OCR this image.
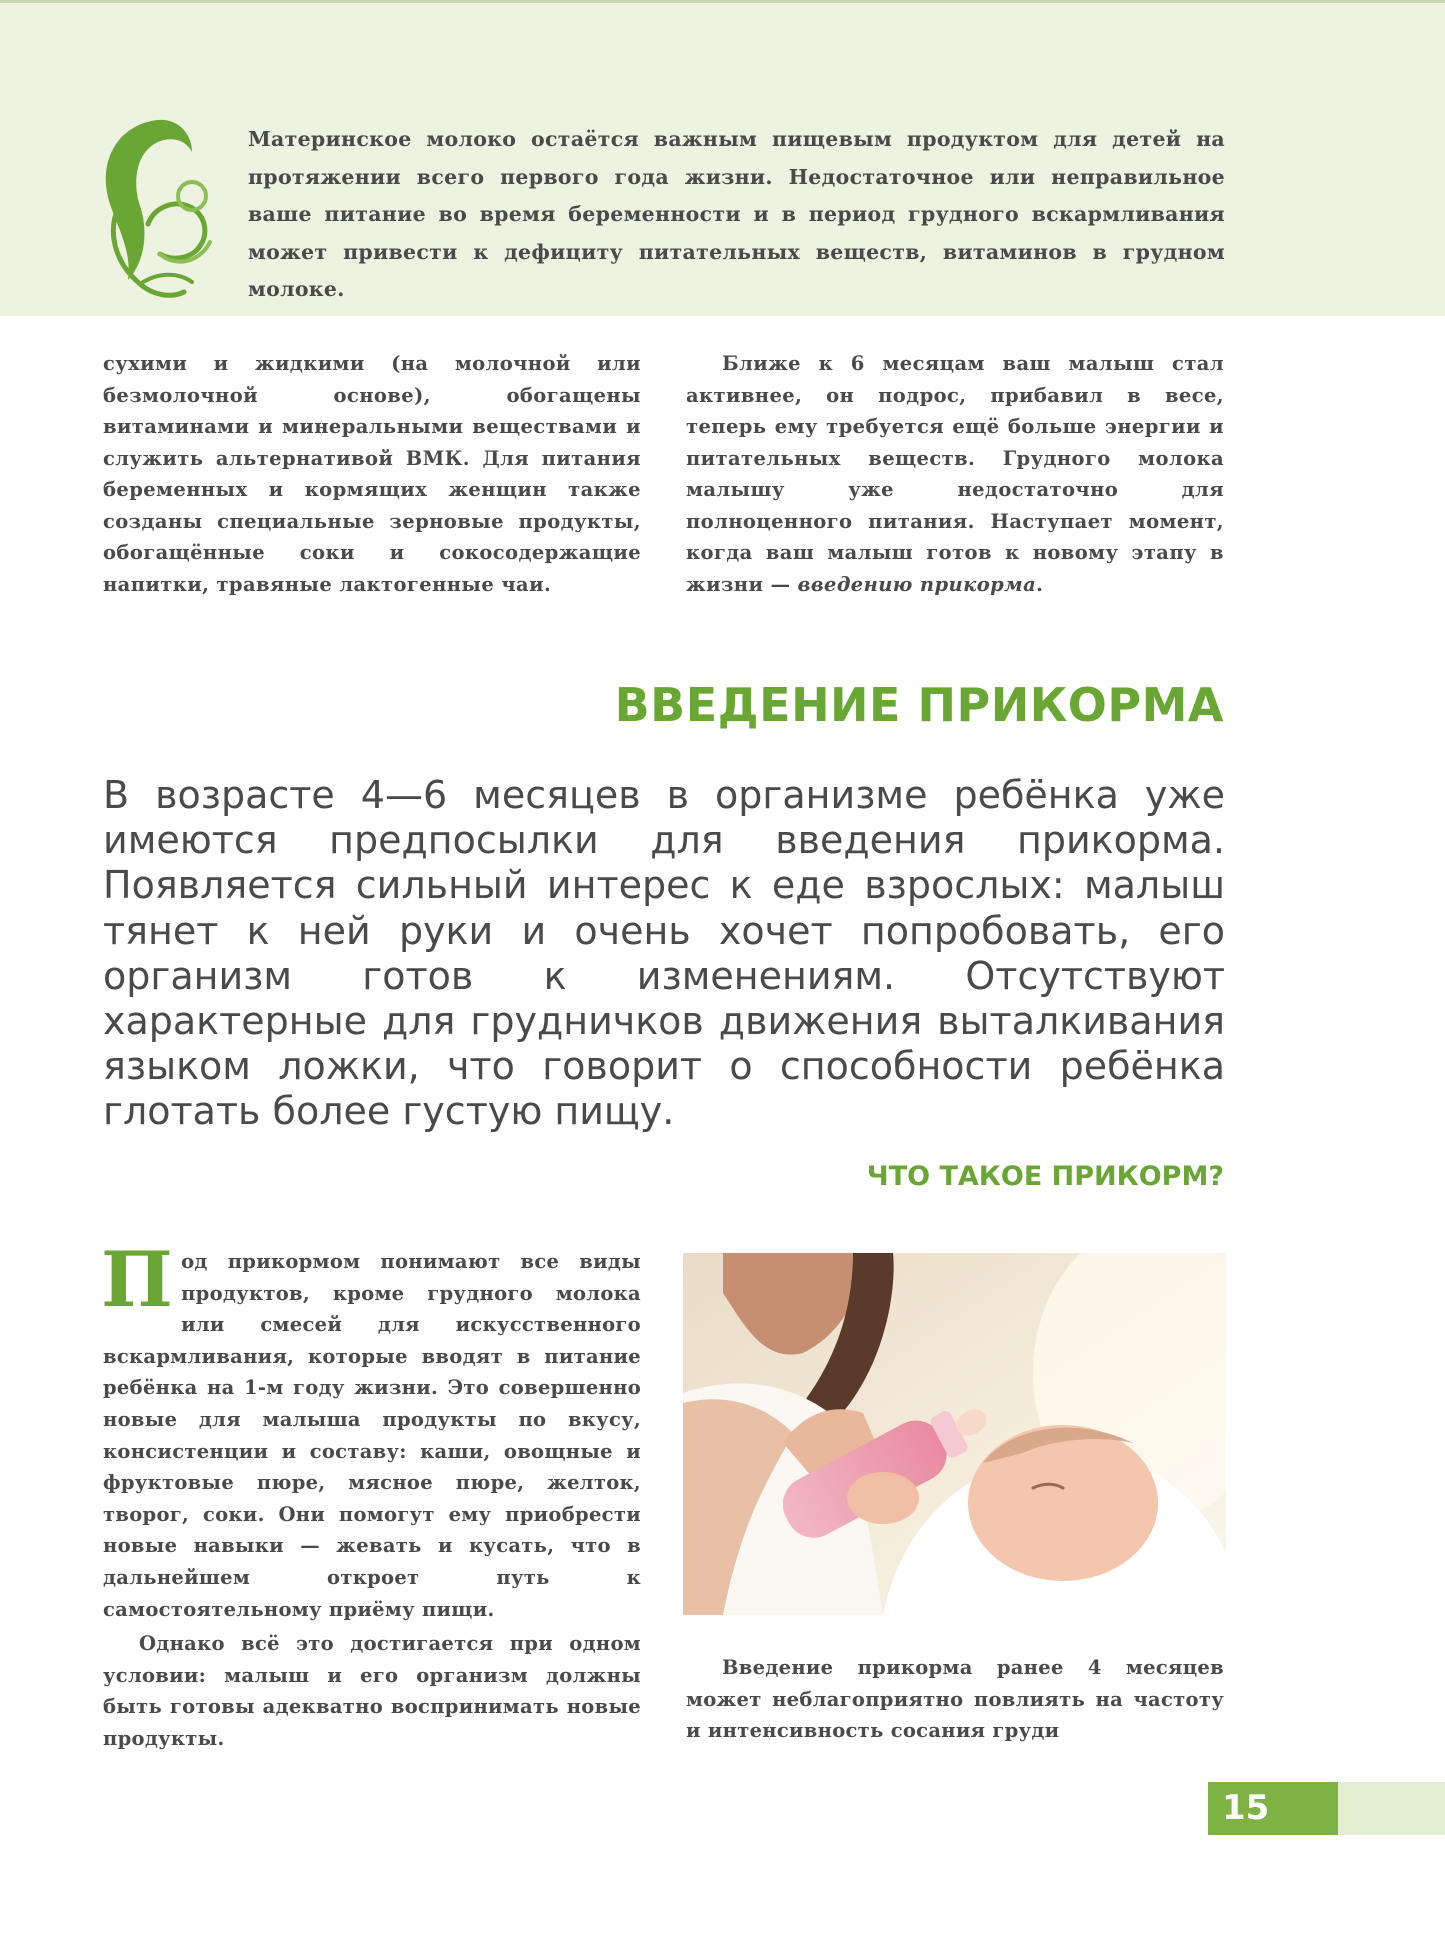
Материнское молоко остаётся важным пищевым продуктом для детей на протяжении всего первого года жизни. Недостаточное или неправильное ваше питание во время беременности и в период грудного вскармливания может привести к дефициту питательных веществ, витаминов в грудном молоке.

сухими и жидкими (на молочной или безмолочной основе), обогащены витаминами и минеральными веществами и служить альтернативой ВМК. Для питания беременных и кормящих женщин также созданы специальные зерновые продукты, обогащённые соки и сокосодержащие напитки, травяные лактогенные чаи.

Ближе к 6 месяцам ваш малыш стал активнее, он подрос, прибавил в весе, теперь ему требуется ещё больше энергии и питательных веществ. Грудного молока малышу уже недостаточно для полноценного питания. Наступает момент, когда ваш малыш готов к новому этапу в жизни — введению прикорма.

ВВЕДЕНИЕ ПРИКОРМА

В возрасте 4—6 месяцев в организме ребёнка уже имеются предпосылки для введения прикорма. Появляется сильный интерес к еде взрослых: малыш тянет к ней руки и очень хочет попробовать, его организм готов к изменениям. Отсутствуют характерные для грудничков движения выталкивания языком ложки, что говорит о способности ребёнка глотать более густую пищу.

ЧТО ТАКОЕ ПРИКОРМ?

Под прикормом понимают все виды продуктов, кроме грудного молока или смесей для искусственного вскармливания, которые вводят в питание ребёнка на 1-м году жизни. Это совершенно новые для малыша продукты по вкусу, консистенции и составу: каши, овощные и фруктовые пюре, мясное пюре, желток, творог, соки. Они помогут ему приобрести новые навыки — жевать и кусать, что в дальнейшем откроет путь к самостоятельному приёму пищи.

Однако всё это достигается при одном условии: малыш и его организм должны быть готовы адекватно воспринимать новые продукты.

Введение прикорма ранее 4 месяцев может неблагоприятно повлиять на частоту и интенсивность сосания груди

15
